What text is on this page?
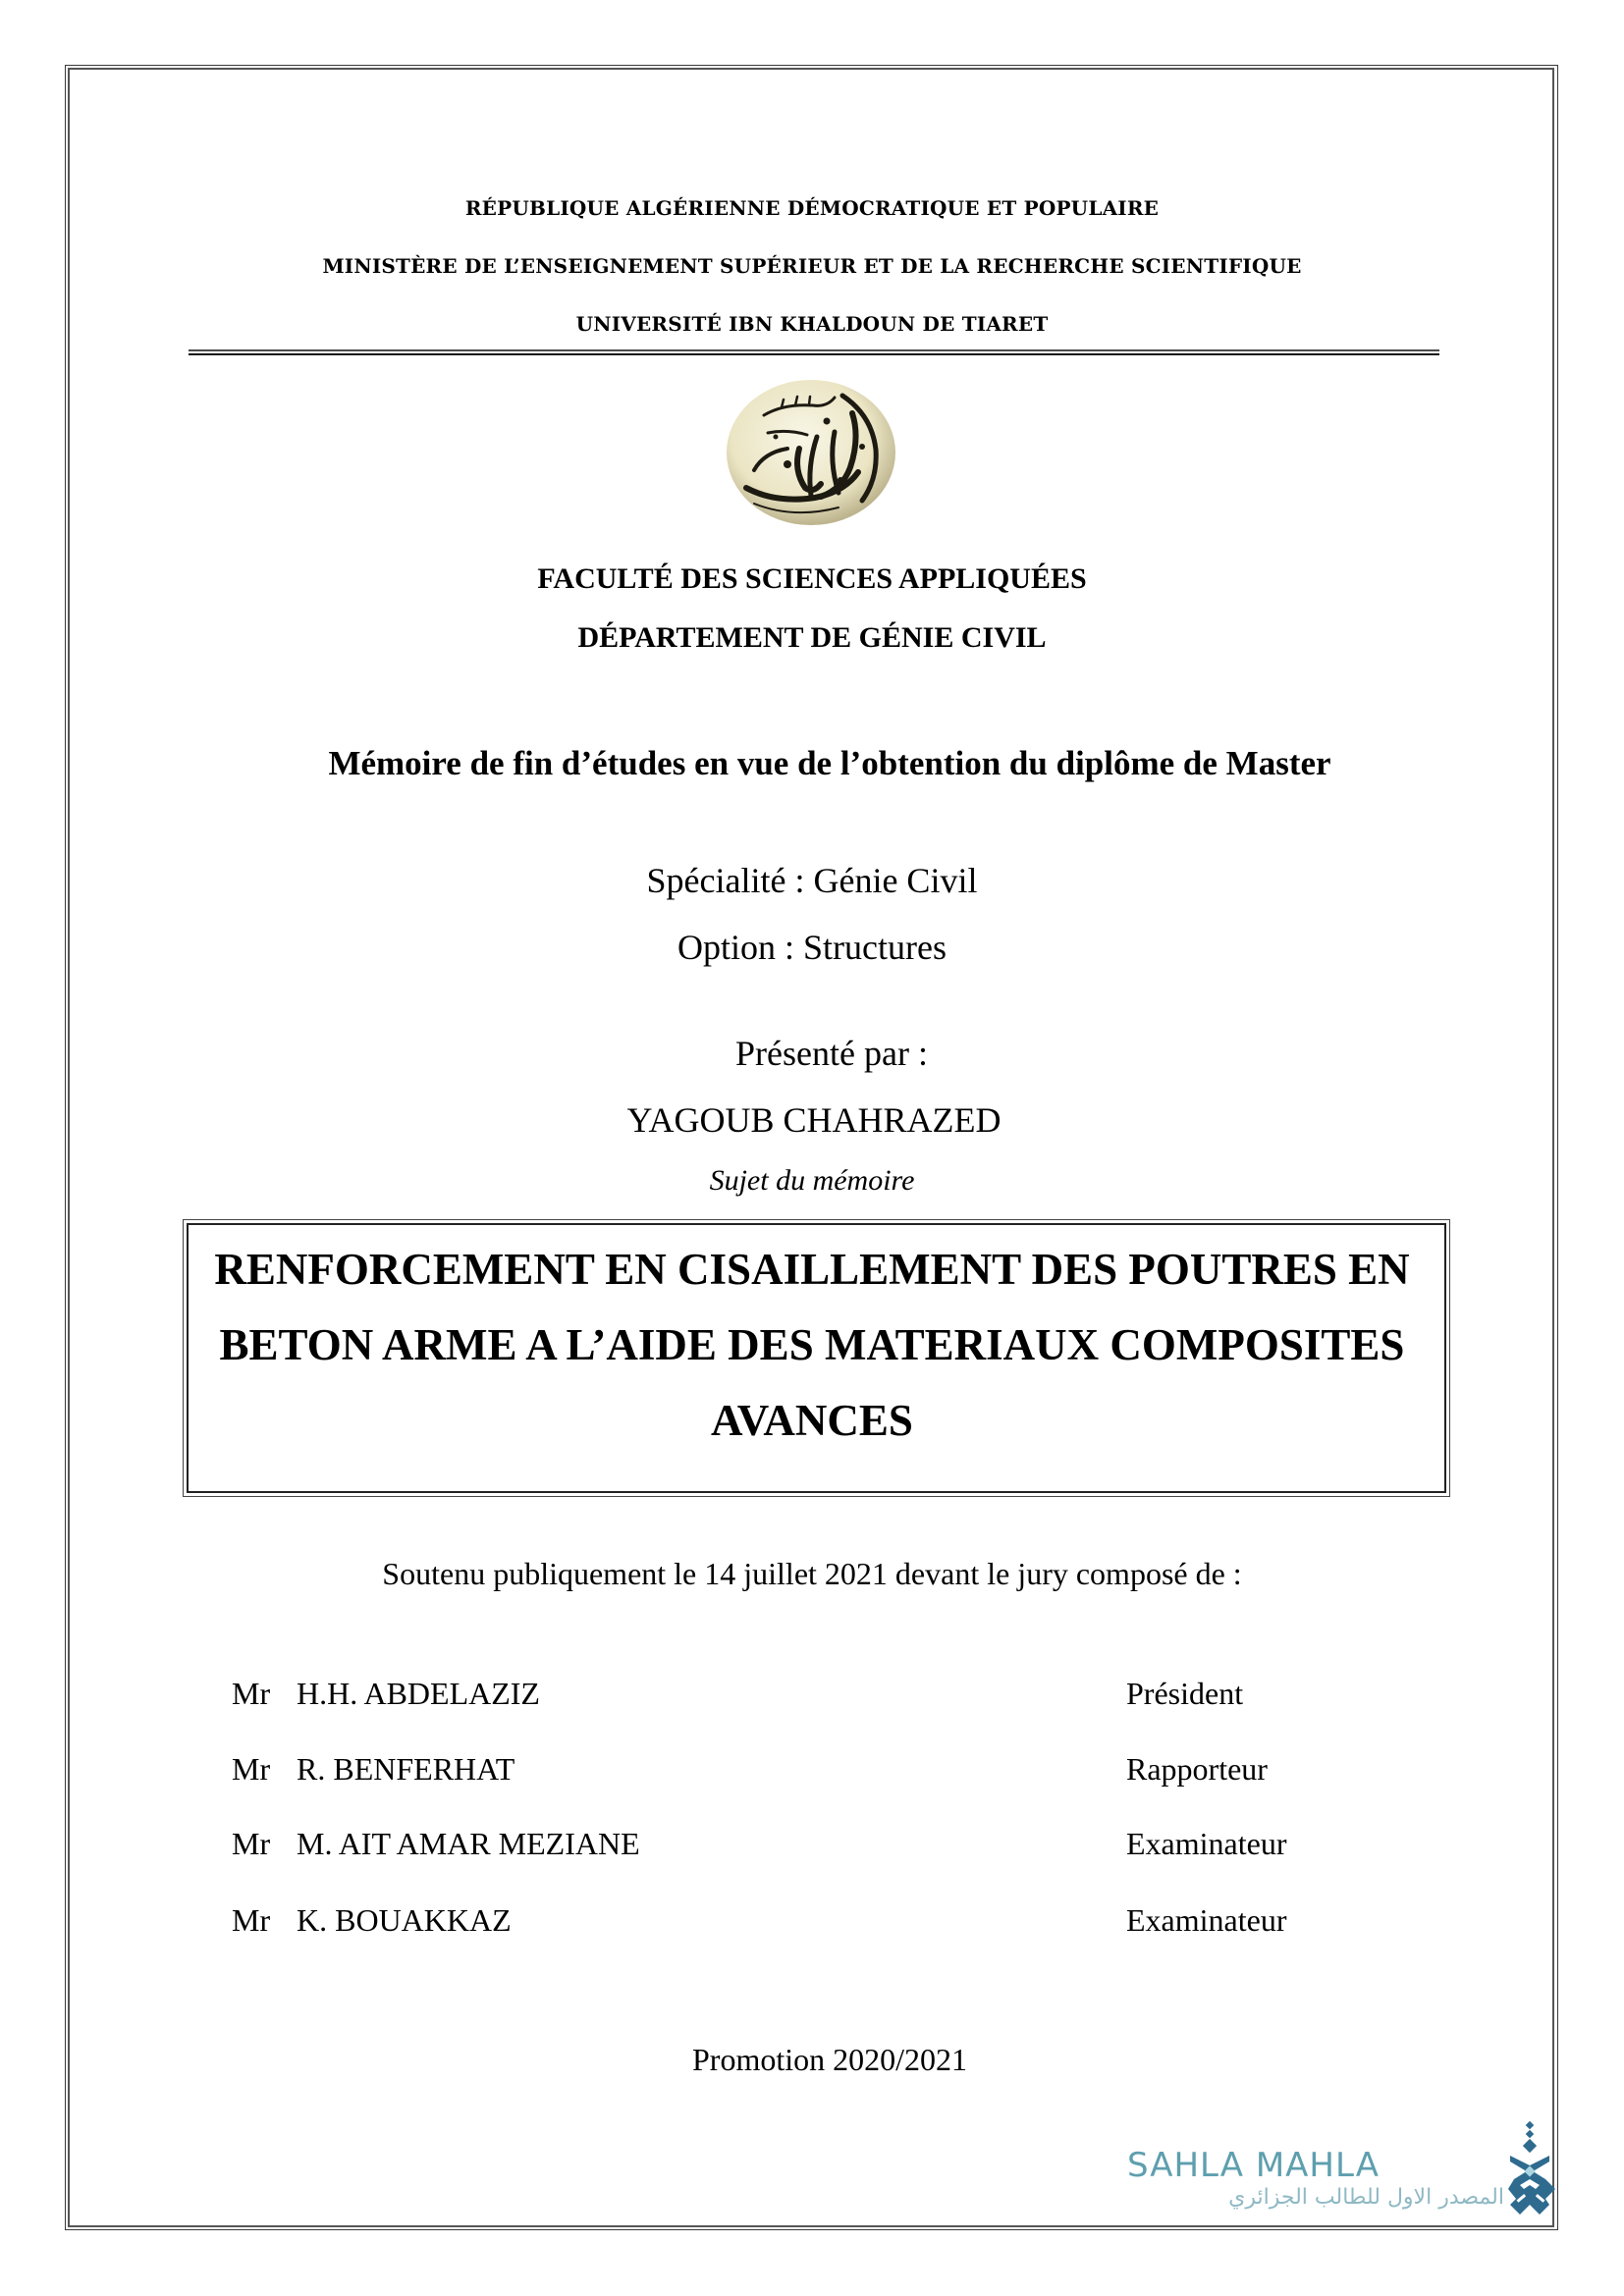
RÉPUBLIQUE ALGÉRIENNE DÉMOCRATIQUE ET POPULAIRE
MINISTÈRE DE L’ENSEIGNEMENT SUPÉRIEUR ET DE LA RECHERCHE SCIENTIFIQUE
UNIVERSITÉ IBN KHALDOUN DE TIARET
FACULTÉ DES SCIENCES APPLIQUÉES
DÉPARTEMENT DE GÉNIE CIVIL
Mémoire de fin d’études en vue de l’obtention du diplôme de Master
Spécialité : Génie Civil
Option : Structures
Présenté par :
YAGOUB CHAHRAZED
Sujet du mémoire
RENFORCEMENT EN CISAILLEMENT DES POUTRES EN
BETON ARME A L’AIDE DES MATERIAUX COMPOSITES
AVANCES
Soutenu publiquement le 14 juillet 2021 devant le jury composé de :
Mr H.H. ABDELAZIZ	Président
Mr R. BENFERHAT	Rapporteur
Mr M. AIT AMAR MEZIANE	Examinateur
Mr K. BOUAKKAZ	Examinateur
Promotion 2020/2021
SAHLA MAHLA
المصدر الاول للطالب الجزائري
